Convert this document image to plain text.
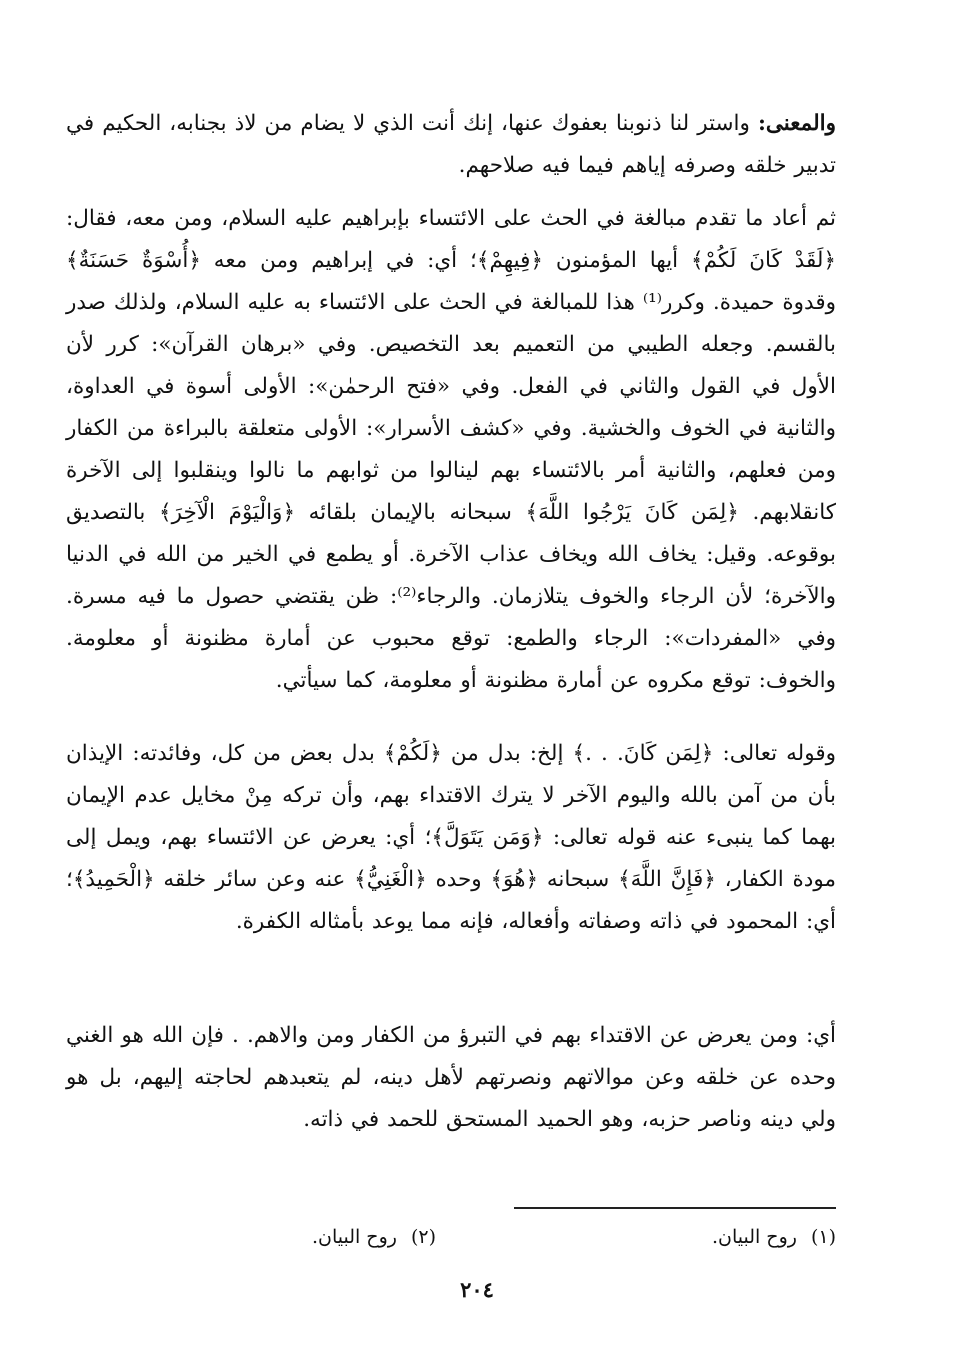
والمعنى: واستر لنا ذنوبنا بعفوك عنها، إنك أنت الذي لا يضام من لاذ بجنابه، الحكيم في تدبير خلقه وصرفه إياهم فيما فيه صلاحهم.

ثم أعاد ما تقدم مبالغة في الحث على الائتساء بإبراهيم عليه السلام، ومن معه، فقال: ﴿لَقَدْ كَانَ لَكُمْ﴾ أيها المؤمنون ﴿فِيهِمْ﴾؛ أي: في إبراهيم ومن معه ﴿أُسْوَةٌ حَسَنَةٌ﴾ وقدوة حميدة. وكرر⁽¹⁾ هذا للمبالغة في الحث على الائتساء به عليه السلام، ولذلك صدر بالقسم. وجعله الطيبي من التعميم بعد التخصيص. وفي «برهان القرآن»: كرر لأن الأول في القول والثاني في الفعل. وفي «فتح الرحمٰن»: الأولى أسوة في العداوة، والثانية في الخوف والخشية. وفي «كشف الأسرار»: الأولى متعلقة بالبراءة من الكفار ومن فعلهم، والثانية أمر بالائتساء بهم لينالوا من ثوابهم ما نالوا وينقلبوا إلى الآخرة كانقلابهم. ﴿لِمَن كَانَ يَرْجُوا اللَّهَ﴾ سبحانه بالإيمان بلقائه ﴿وَالْيَوْمَ الْآخِرَ﴾ بالتصديق بوقوعه. وقيل: يخاف الله ويخاف عذاب الآخرة. أو يطمع في الخير من الله في الدنيا والآخرة؛ لأن الرجاء والخوف يتلازمان. والرجاء⁽²⁾: ظن يقتضي حصول ما فيه مسرة. وفي «المفردات»: الرجاء والطمع: توقع محبوب عن أمارة مظنونة أو معلومة. والخوف: توقع مكروه عن أمارة مظنونة أو معلومة، كما سيأتي.

وقوله تعالى: ﴿لِمَن كَانَ. . .﴾ إلخ: بدل من ﴿لَكُمْ﴾ بدل بعض من كل، وفائدته: الإيذان بأن من آمن بالله واليوم الآخر لا يترك الاقتداء بهم، وأن تركه مِنْ مخايل عدم الإيمان بهما كما ينبىء عنه قوله تعالى: ﴿وَمَن يَتَوَلَّ﴾؛ أي: يعرض عن الائتساء بهم، ويمل إلى مودة الكفار، ﴿فَإِنَّ اللَّهَ﴾ سبحانه ﴿هُوَ﴾ وحده ﴿الْغَنِيُّ﴾ عنه وعن سائر خلقه ﴿الْحَمِيدُ﴾؛ أي: المحمود في ذاته وصفاته وأفعاله، فإنه مما يوعد بأمثاله الكفرة.

أي: ومن يعرض عن الاقتداء بهم في التبرؤ من الكفار ومن والاهم. . فإن الله هو الغني وحده عن خلقه وعن موالاتهم ونصرتهم لأهل دينه، لم يتعبدهم لحاجته إليهم، بل هو ولي دينه وناصر حزبه، وهو الحميد المستحق للحمد في ذاته.

(١)روح البيان.
(٢)روح البيان.
٢٠٤
